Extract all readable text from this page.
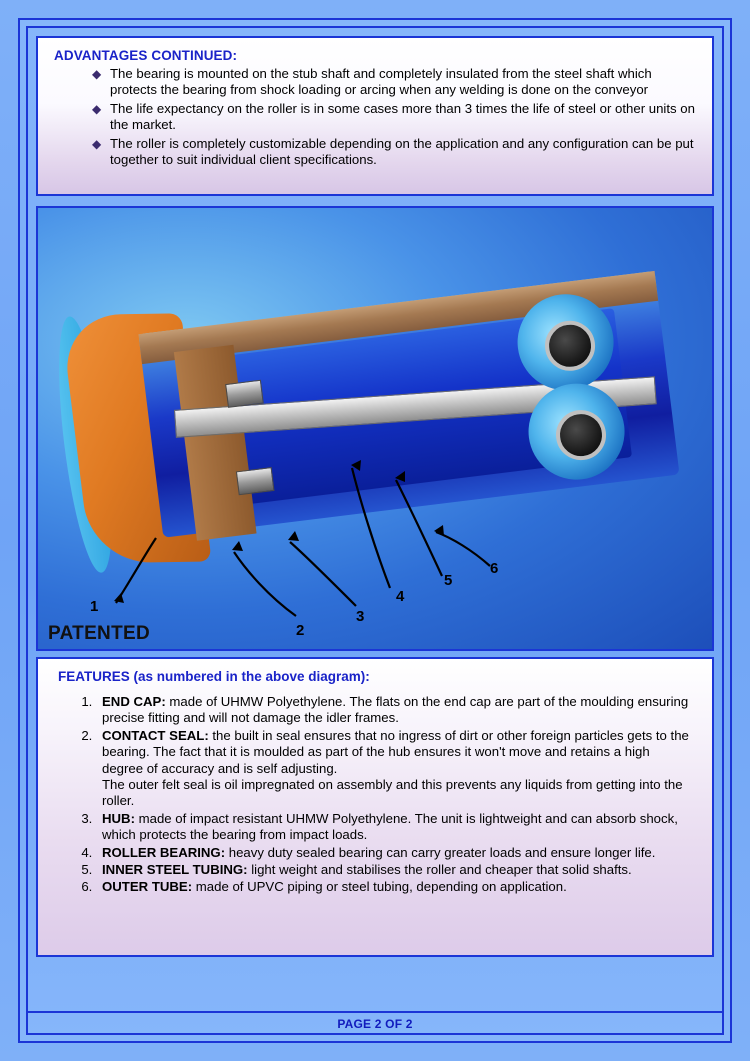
ADVANTAGES CONTINUED:
◆ The bearing is mounted on the stub shaft and completely insulated from the steel shaft which protects the bearing from shock loading or arcing when any welding is done on the conveyor
◆ The life expectancy on the roller is in some cases more than 3 times the life of steel or other units on the market.
◆ The roller is completely customizable depending on the application and any configuration can be put together to suit individual client specifications.
1
2
3
4
5
6
PATENTED
FEATURES (as numbered in the above diagram):
1. END CAP: made of UHMW Polyethylene. The flats on the end cap are part of the moulding ensuring precise fitting and will not damage the idler frames.
2. CONTACT SEAL: the built in seal ensures that no ingress of dirt or other foreign particles gets to the bearing. The fact that it is moulded as part of the hub ensures it won't move and retains a high degree of accuracy and is self adjusting.
The outer felt seal is oil impregnated on assembly and this prevents any liquids from getting into the roller.
3. HUB: made of impact resistant UHMW Polyethylene. The unit is lightweight and can absorb shock, which protects the bearing from impact loads.
4. ROLLER BEARING: heavy duty sealed bearing can carry greater loads and ensure longer life.
5. INNER STEEL TUBING: light weight and stabilises the roller and cheaper that solid shafts.
6. OUTER TUBE: made of UPVC piping or steel tubing, depending on application.
PAGE 2 OF 2
